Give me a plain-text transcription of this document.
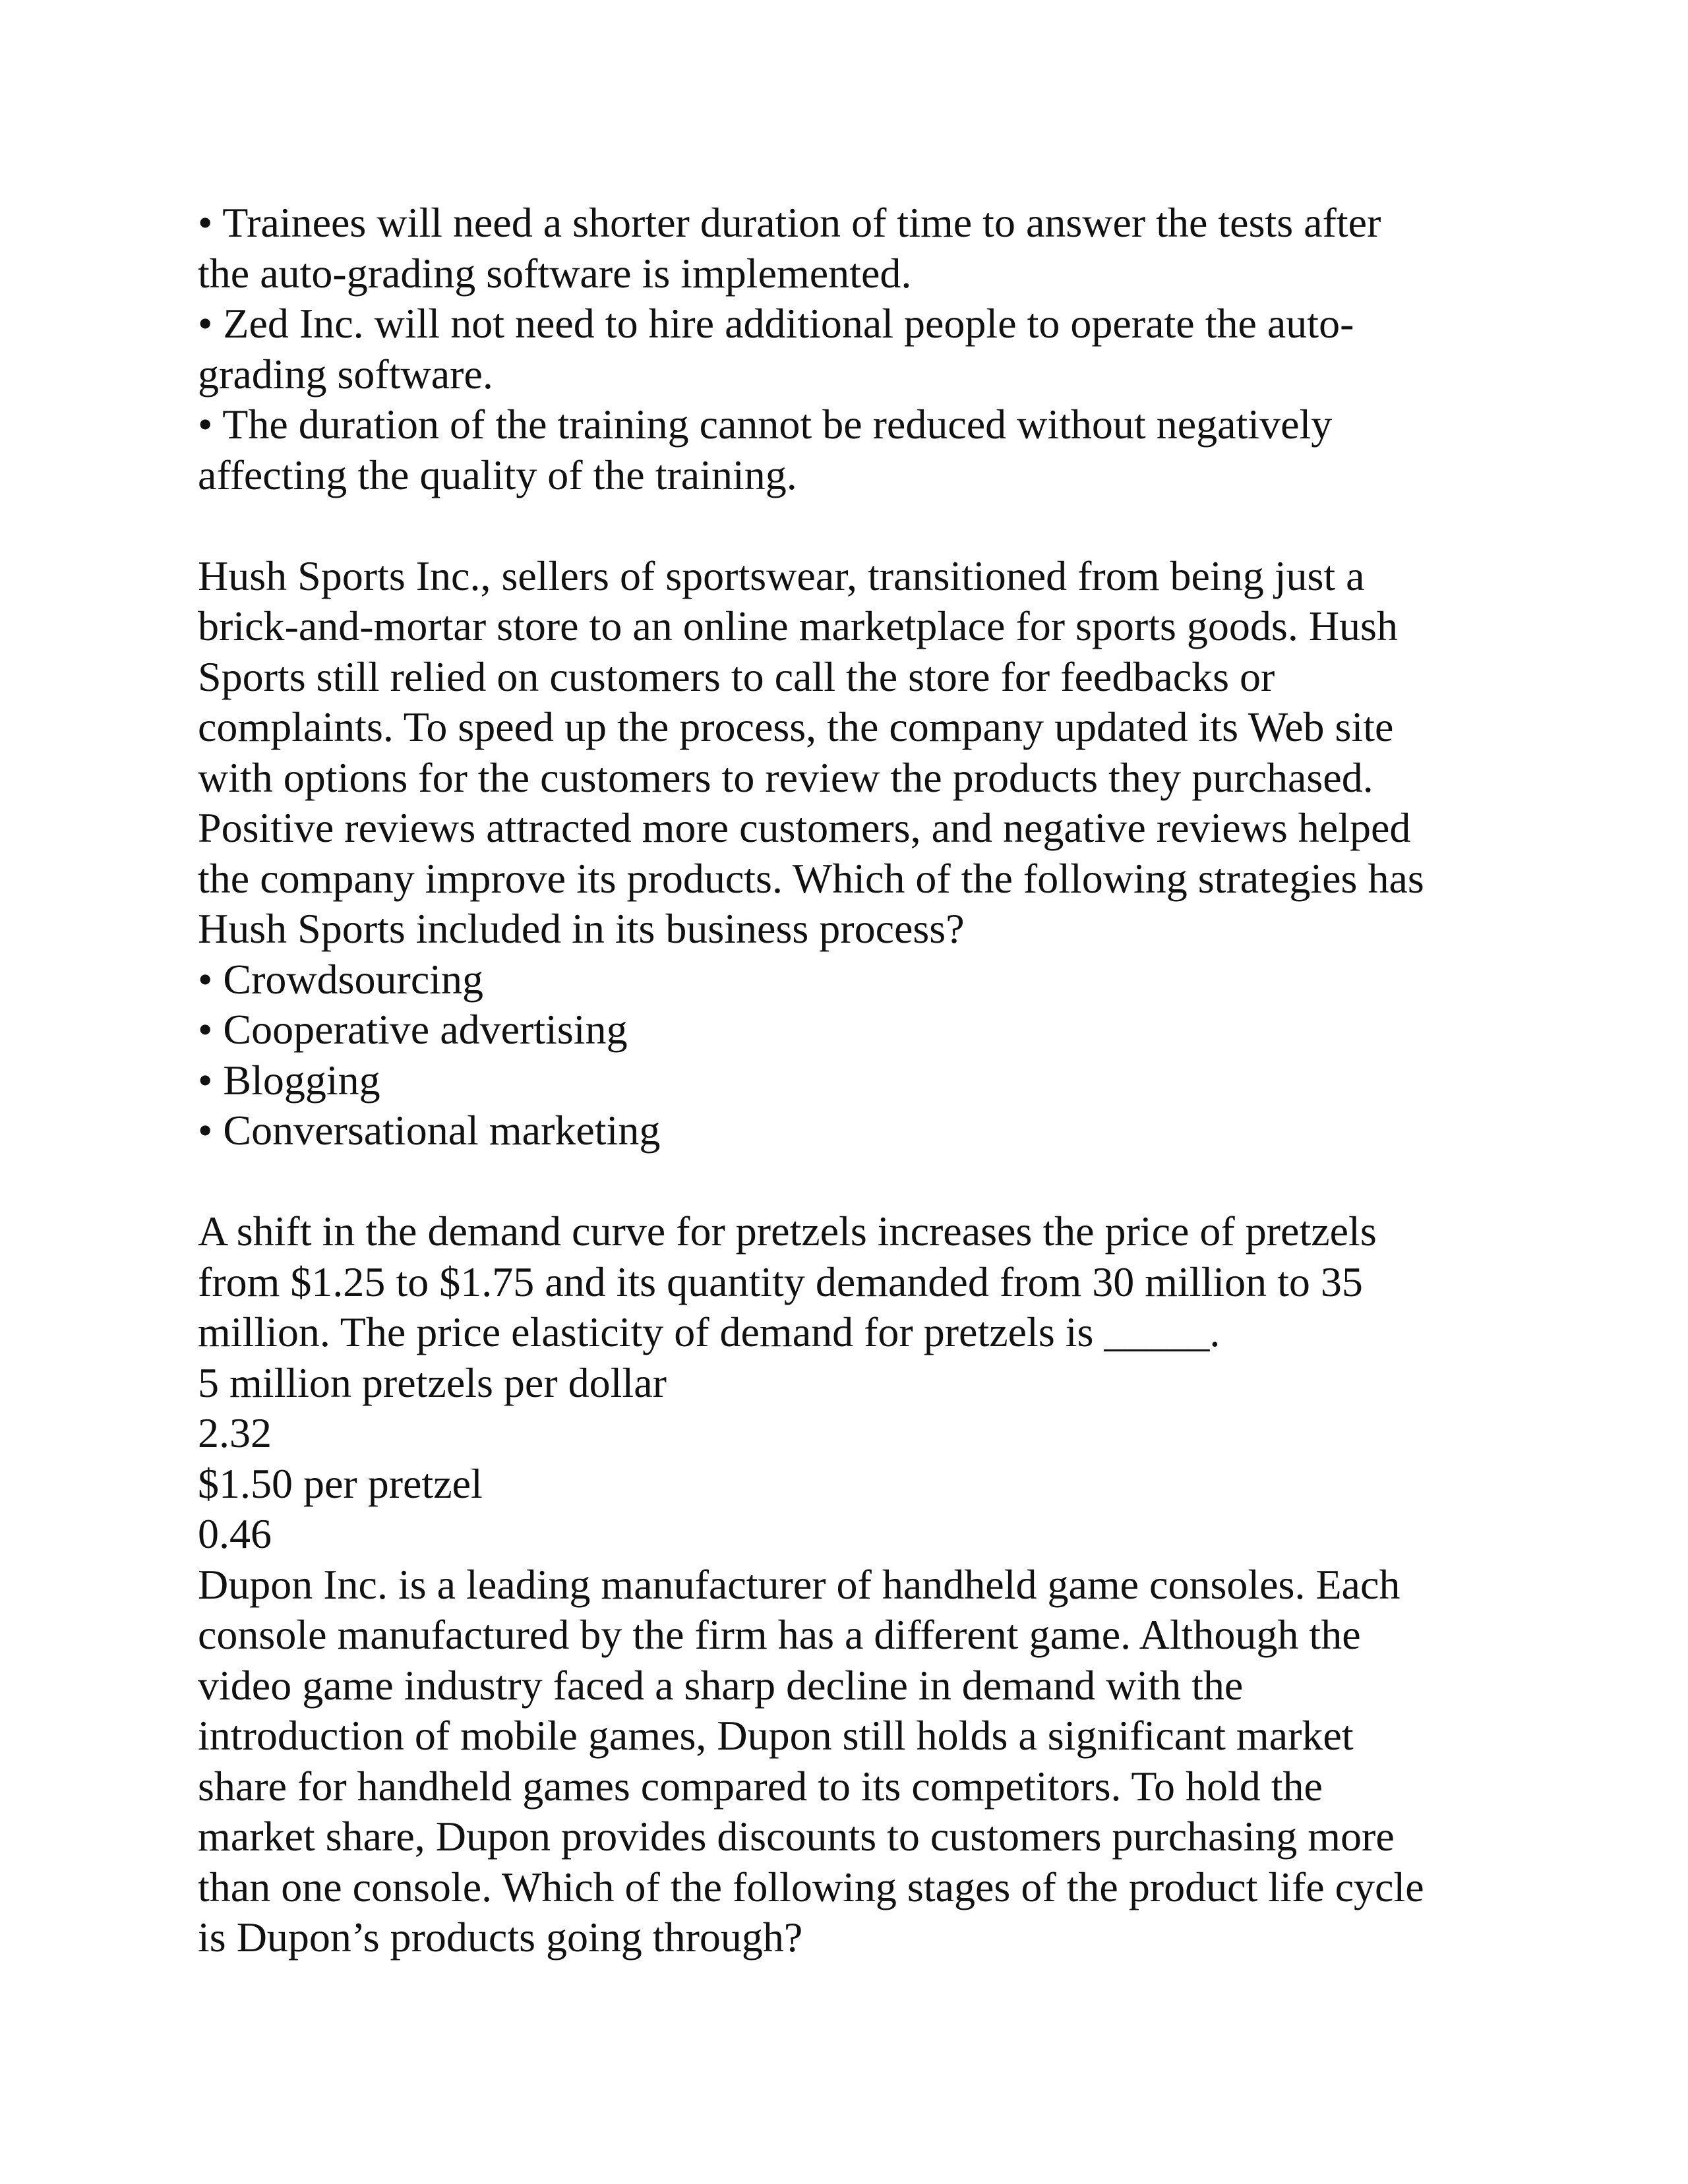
• Trainees will need a shorter duration of time to answer the tests after
the auto-grading software is implemented.
• Zed Inc. will not need to hire additional people to operate the auto-
grading software.
• The duration of the training cannot be reduced without negatively
affecting the quality of the training.
Hush Sports Inc., sellers of sportswear, transitioned from being just a
brick-and-mortar store to an online marketplace for sports goods. Hush
Sports still relied on customers to call the store for feedbacks or
complaints. To speed up the process, the company updated its Web site
with options for the customers to review the products they purchased.
Positive reviews attracted more customers, and negative reviews helped
the company improve its products. Which of the following strategies has
Hush Sports included in its business process?
• Crowdsourcing
• Cooperative advertising
• Blogging
• Conversational marketing
A shift in the demand curve for pretzels increases the price of pretzels
from $1.25 to $1.75 and its quantity demanded from 30 million to 35
million. The price elasticity of demand for pretzels is _____.
5 million pretzels per dollar
2.32
$1.50 per pretzel
0.46
Dupon Inc. is a leading manufacturer of handheld game consoles. Each
console manufactured by the firm has a different game. Although the
video game industry faced a sharp decline in demand with the
introduction of mobile games, Dupon still holds a significant market
share for handheld games compared to its competitors. To hold the
market share, Dupon provides discounts to customers purchasing more
than one console. Which of the following stages of the product life cycle
is Dupon’s products going through?
